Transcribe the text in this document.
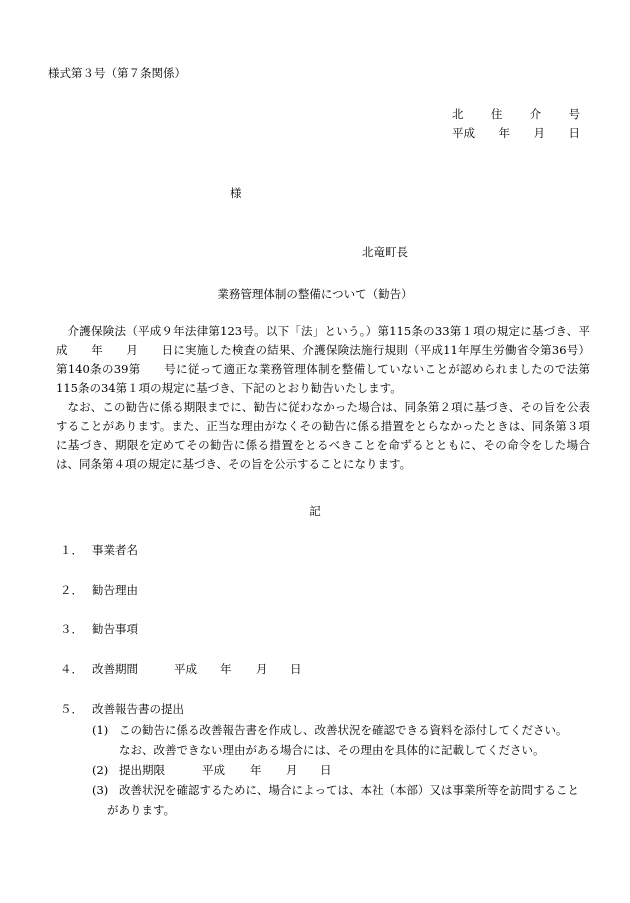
様式第３号（第７条関係）
北 住 介 号
平成 年 月 日
様
北竜町長
業務管理体制の整備について（勧告）

介護保険法（平成９年法律第123号。以下「法」という。）第115条の33第１項の規定に基づき、平成　　年　　月　　日に実施した検査の結果、介護保険法施行規則（平成11年厚生労働省令第36号）第140条の39第　　号に従って適正な業務管理体制を整備していないことが認められましたので法第115条の34第１項の規定に基づき、下記のとおり勧告いたします。

なお、この勧告に係る期限までに、勧告に従わなかった場合は、同条第２項に基づき、その旨を公表することがあります。また、正当な理由がなくその勧告に係る措置をとらなかったときは、同条第３項に基づき、期限を定めてその勧告に係る措置をとるべきことを命ずるとともに、その命令をした場合は、同条第４項の規定に基づき、その旨を公示することになります。

記
１． 事業者名
２． 勧告理由
３． 勧告事項
４． 改善期間	平成 年 月 日
５． 改善報告書の提出
(1) この勧告に係る改善報告書を作成し、改善状況を確認できる資料を添付してください。
なお、改善できない理由がある場合には、その理由を具体的に記載してください。
(2) 提出期限	平成 年 月 日
(3) 改善状況を確認するために、場合によっては、本社（本部）又は事業所等を訪問すること
があります。
